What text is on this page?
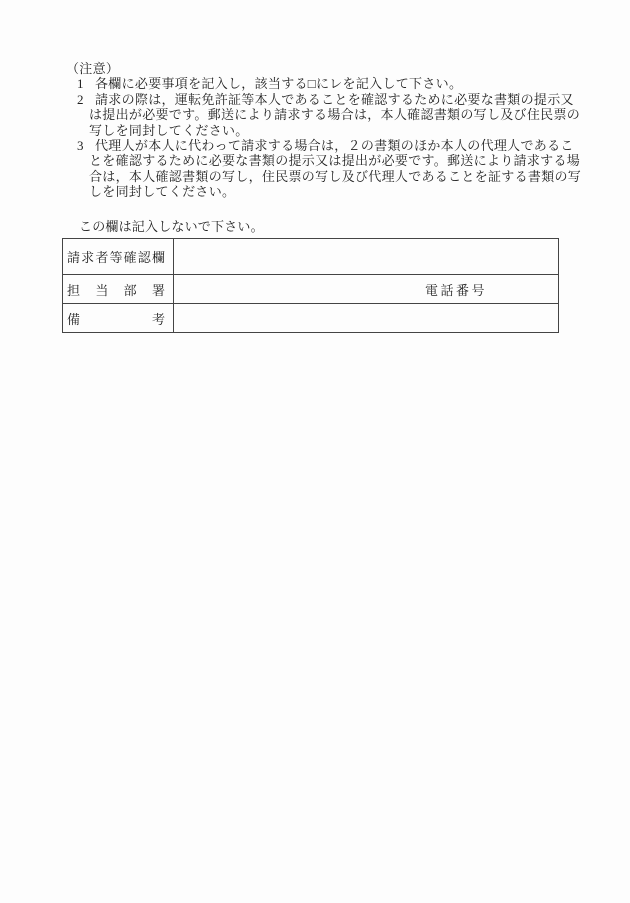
（注意）
1 各欄に必要事項を記入し，該当する□にレを記入して下さい。
2 請求の際は，運転免許証等本人であることを確認するために必要な書類の提示又
は提出が必要です。郵送により請求する場合は，本人確認書類の写し及び住民票の
写しを同封してください。
3 代理人が本人に代わって請求する場合は，２の書類のほか本人の代理人であるこ
とを確認するために必要な書類の提示又は提出が必要です。郵送により請求する場
合は，本人確認書類の写し，住民票の写し及び代理人であることを証する書類の写
しを同封してください。
この欄は記入しないで下さい。
請 求 者 等 確 認 欄
担 当 部 署	電話番号
備	考
